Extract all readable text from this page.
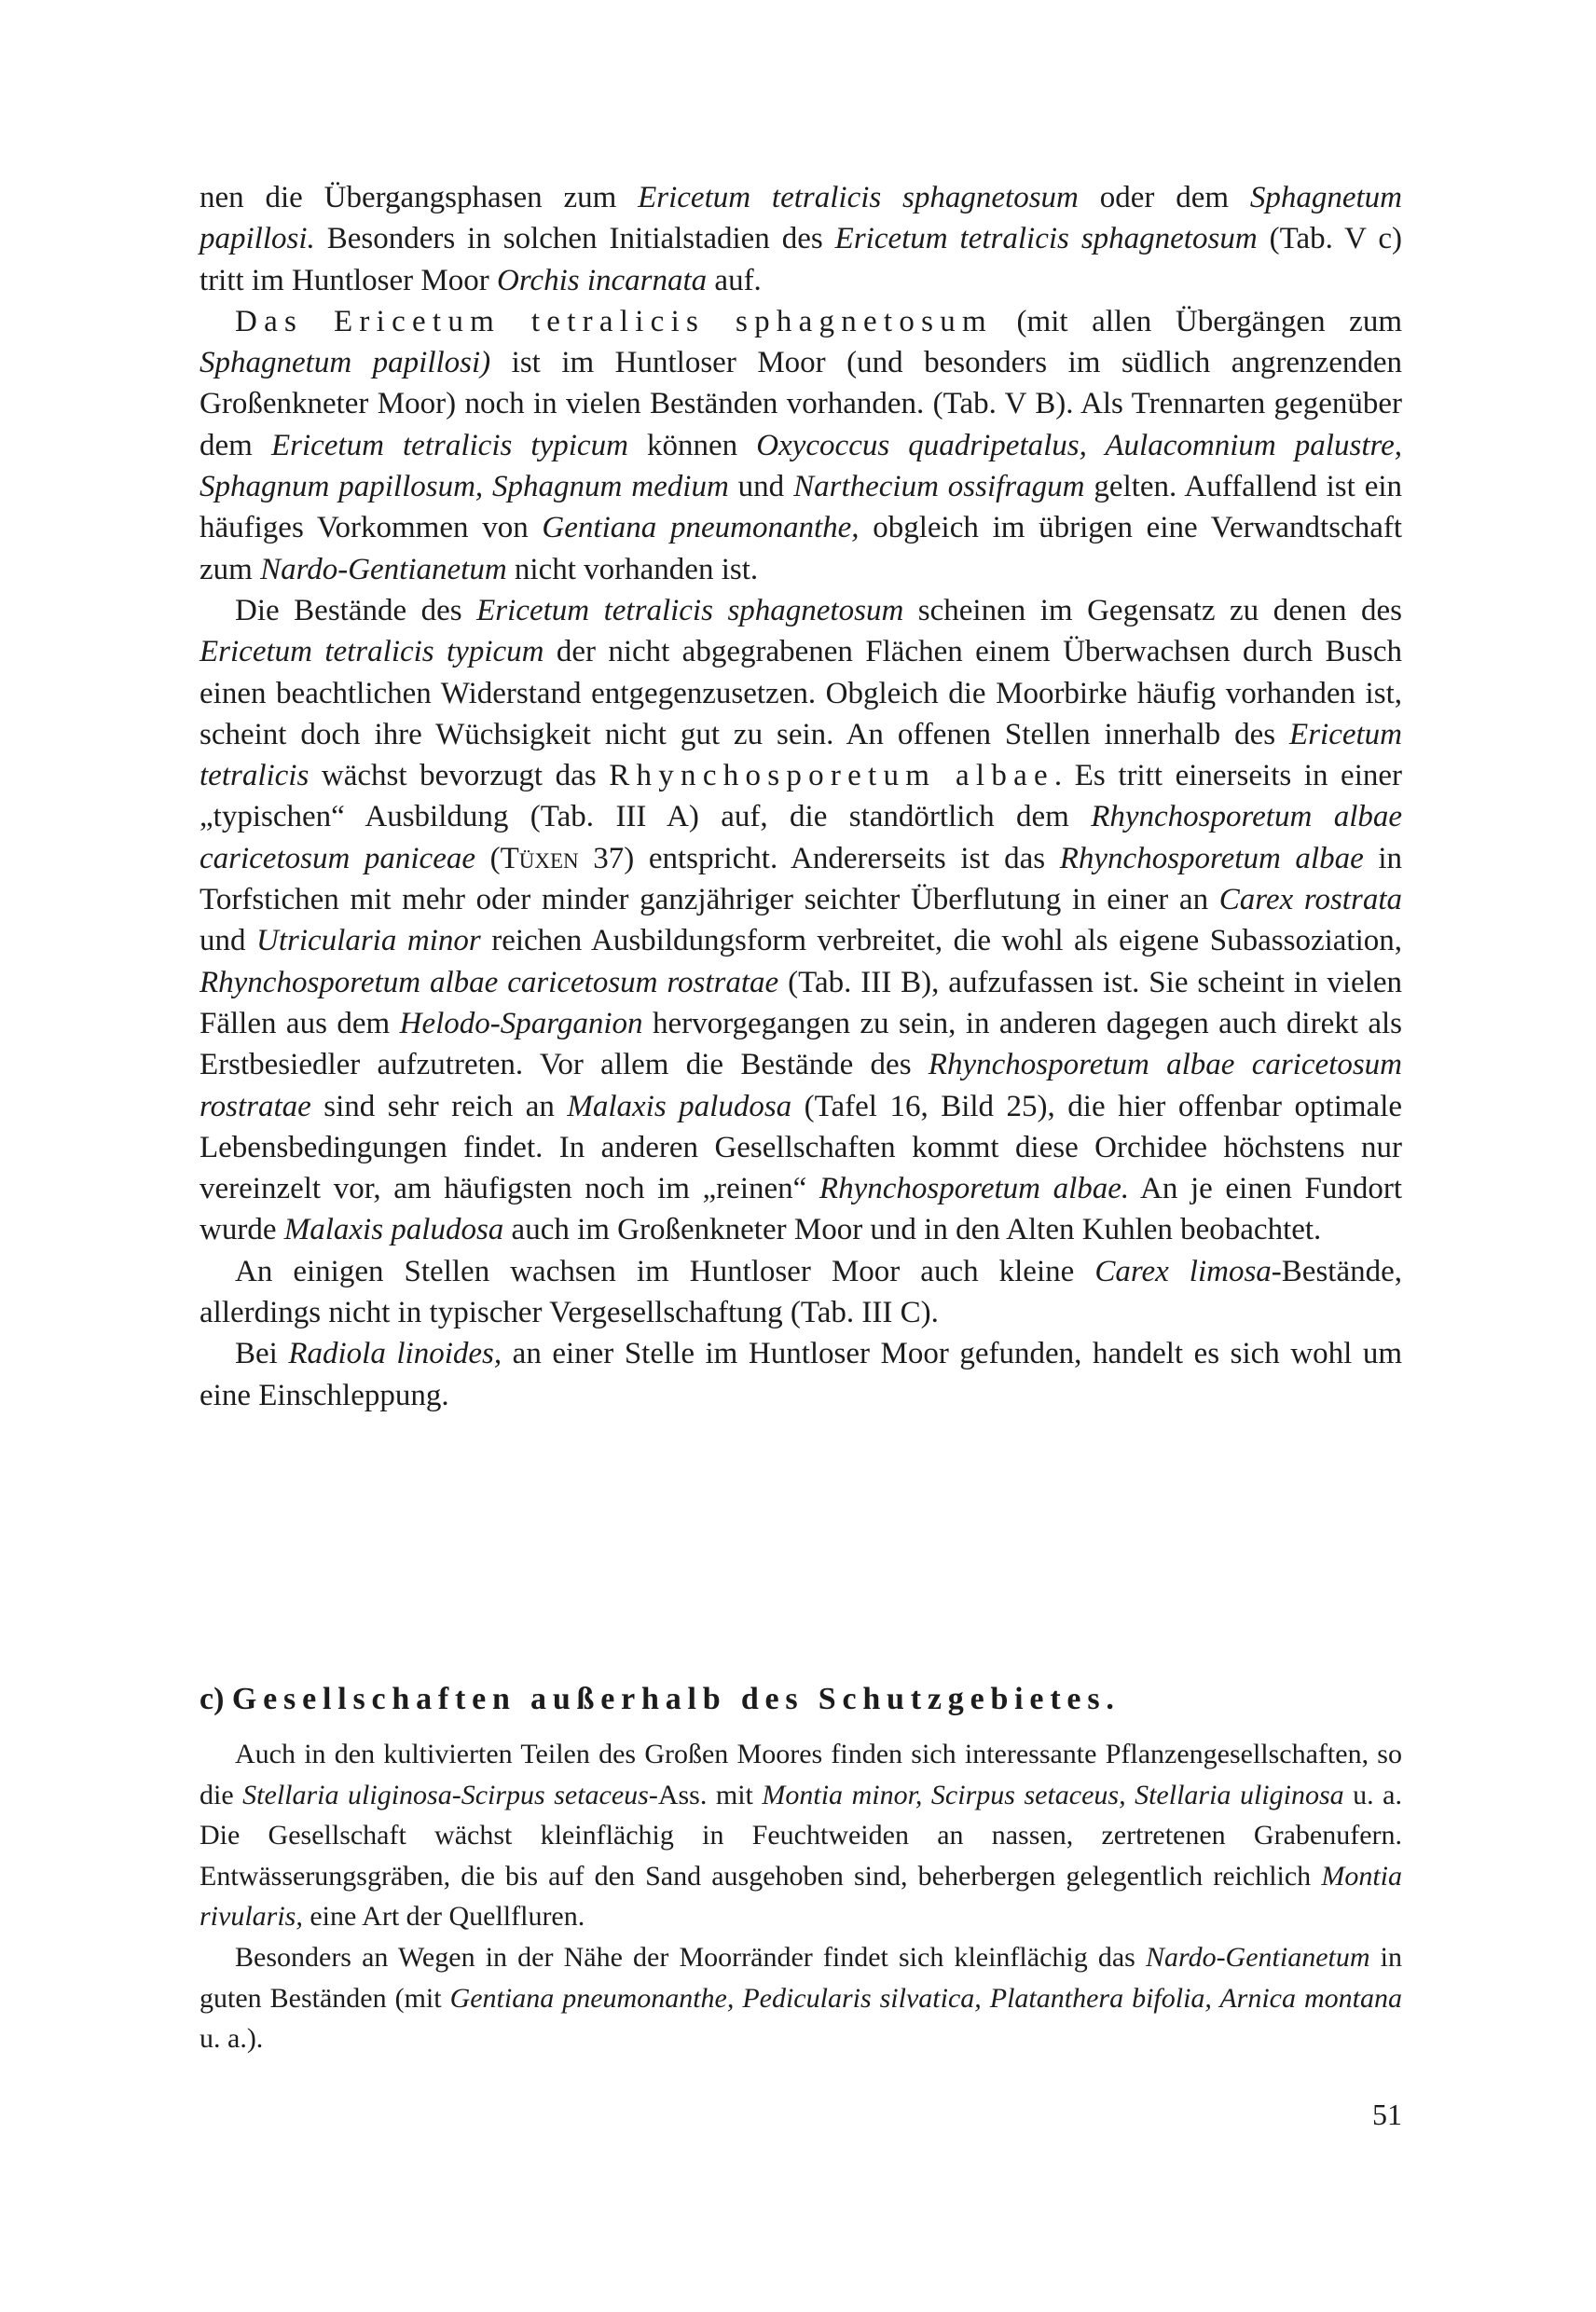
nen die Übergangsphasen zum Ericetum tetralicis sphagnetosum oder dem Sphagnetum papillosi. Besonders in solchen Initialstadien des Ericetum tetralicis sphagnetosum (Tab. V c) tritt im Huntloser Moor Orchis incarnata auf.

Das Ericetum tetralicis sphagnetosum (mit allen Übergängen zum Sphagnetum papillosi) ist im Huntloser Moor (und besonders im südlich angrenzenden Großenkneter Moor) noch in vielen Beständen vorhanden. (Tab. V B). Als Trennarten gegenüber dem Ericetum tetralicis typicum können Oxycoccus quadripetalus, Aulacomnium palustre, Sphagnum papillosum, Sphagnum medium und Narthecium ossifragum gelten. Auffallend ist ein häufiges Vorkommen von Gentiana pneumonanthe, obgleich im übrigen eine Verwandtschaft zum Nardo-Gentianetum nicht vorhanden ist.

Die Bestände des Ericetum tetralicis sphagnetosum scheinen im Gegensatz zu denen des Ericetum tetralicis typicum der nicht abgegrabenen Flächen einem Überwachsen durch Busch einen beachtlichen Widerstand entgegenzusetzen. Obgleich die Moorbirke häufig vorhanden ist, scheint doch ihre Wüchsigkeit nicht gut zu sein. An offenen Stellen innerhalb des Ericetum tetralicis wächst bevorzugt das Rhynchosporetum albae. Es tritt einerseits in einer „typischen“ Ausbildung (Tab. III A) auf, die standörtlich dem Rhynchosporetum albae caricetosum paniceae (Tüxen 37) entspricht. Andererseits ist das Rhynchosporetum albae in Torfstichen mit mehr oder minder ganzjähriger seichter Überflutung in einer an Carex rostrata und Utricularia minor reichen Ausbildungsform verbreitet, die wohl als eigene Subassoziation, Rhynchosporetum albae caricetosum rostratae (Tab. III B), aufzufassen ist. Sie scheint in vielen Fällen aus dem Helodo-Sparganion hervorgegangen zu sein, in anderen dagegen auch direkt als Erstbesiedler aufzutreten. Vor allem die Bestände des Rhynchosporetum albae caricetosum rostratae sind sehr reich an Malaxis paludosa (Tafel 16, Bild 25), die hier offenbar optimale Lebensbedingungen findet. In anderen Gesellschaften kommt diese Orchidee höchstens nur vereinzelt vor, am häufigsten noch im „reinen“ Rhynchosporetum albae. An je einen Fundort wurde Malaxis paludosa auch im Großenkneter Moor und in den Alten Kuhlen beobachtet.

An einigen Stellen wachsen im Huntloser Moor auch kleine Carex limosa-Bestände, allerdings nicht in typischer Vergesellschaftung (Tab. III C).

Bei Radiola linoides, an einer Stelle im Huntloser Moor gefunden, handelt es sich wohl um eine Einschleppung.

c) Gesellschaften außerhalb des Schutzgebietes.

Auch in den kultivierten Teilen des Großen Moores finden sich interessante Pflanzengesellschaften, so die Stellaria uliginosa-Scirpus setaceus-Ass. mit Montia minor, Scirpus setaceus, Stellaria uliginosa u. a. Die Gesellschaft wächst kleinflächig in Feuchtweiden an nassen, zertretenen Grabenufern. Entwässerungsgräben, die bis auf den Sand ausgehoben sind, beherbergen gelegentlich reichlich Montia rivularis, eine Art der Quellfluren.

Besonders an Wegen in der Nähe der Moorränder findet sich kleinflächig das Nardo-Gentianetum in guten Beständen (mit Gentiana pneumonanthe, Pedicularis silvatica, Platanthera bifolia, Arnica montana u. a.).

51
